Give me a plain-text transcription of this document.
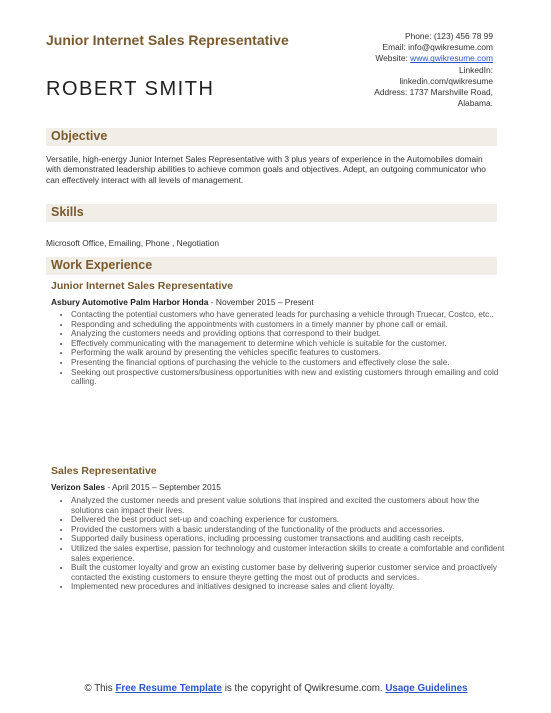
Junior Internet Sales Representative
ROBERT SMITH
Phone: (123) 456 78 99
Email: info@qwikresume.com
Website: www.qwikresume.com
LinkedIn:
linkedin.com/qwikresume
Address: 1737 Marshville Road,
Alabama.
Objective
Versatile, high-energy Junior Internet Sales Representative with 3 plus years of experience in the Automobiles domain with demonstrated leadership abilities to achieve common goals and objectives. Adept, an outgoing communicator who can effectively interact with all levels of management.
Skills
Microsoft Office, Emailing, Phone , Negotiation
Work Experience
Junior Internet Sales Representative
Asbury Automotive Palm Harbor Honda - November 2015 – Present
• Contacting the potential customers who have generated leads for purchasing a vehicle through Truecar, Costco, etc..
• Responding and scheduling the appointments with customers in a timely manner by phone call or email.
• Analyzing the customers needs and providing options that correspond to their budget.
• Effectively communicating with the management to determine which vehicle is suitable for the customer.
• Performing the walk around by presenting the vehicles specific features to customers.
• Presenting the financial options of purchasing the vehicle to the customers and effectively close the sale.
• Seeking out prospective customers/business opportunities with new and existing customers through emailing and cold calling.
Sales Representative
Verizon Sales - April 2015 – September 2015
• Analyzed the customer needs and present value solutions that inspired and excited the customers about how the solutions can impact their lives.
• Delivered the best product set-up and coaching experience for customers.
• Provided the customers with a basic understanding of the functionality of the products and accessories.
• Supported daily business operations, including processing customer transactions and auditing cash receipts.
• Utilized the sales expertise, passion for technology and customer interaction skills to create a comfortable and confident sales experience.
• Built the customer loyalty and grow an existing customer base by delivering superior customer service and proactively contacted the existing customers to ensure theyre getting the most out of products and services.
• Implemented new procedures and initiatives designed to increase sales and client loyalty.
© This Free Resume Template is the copyright of Qwikresume.com. Usage Guidelines
